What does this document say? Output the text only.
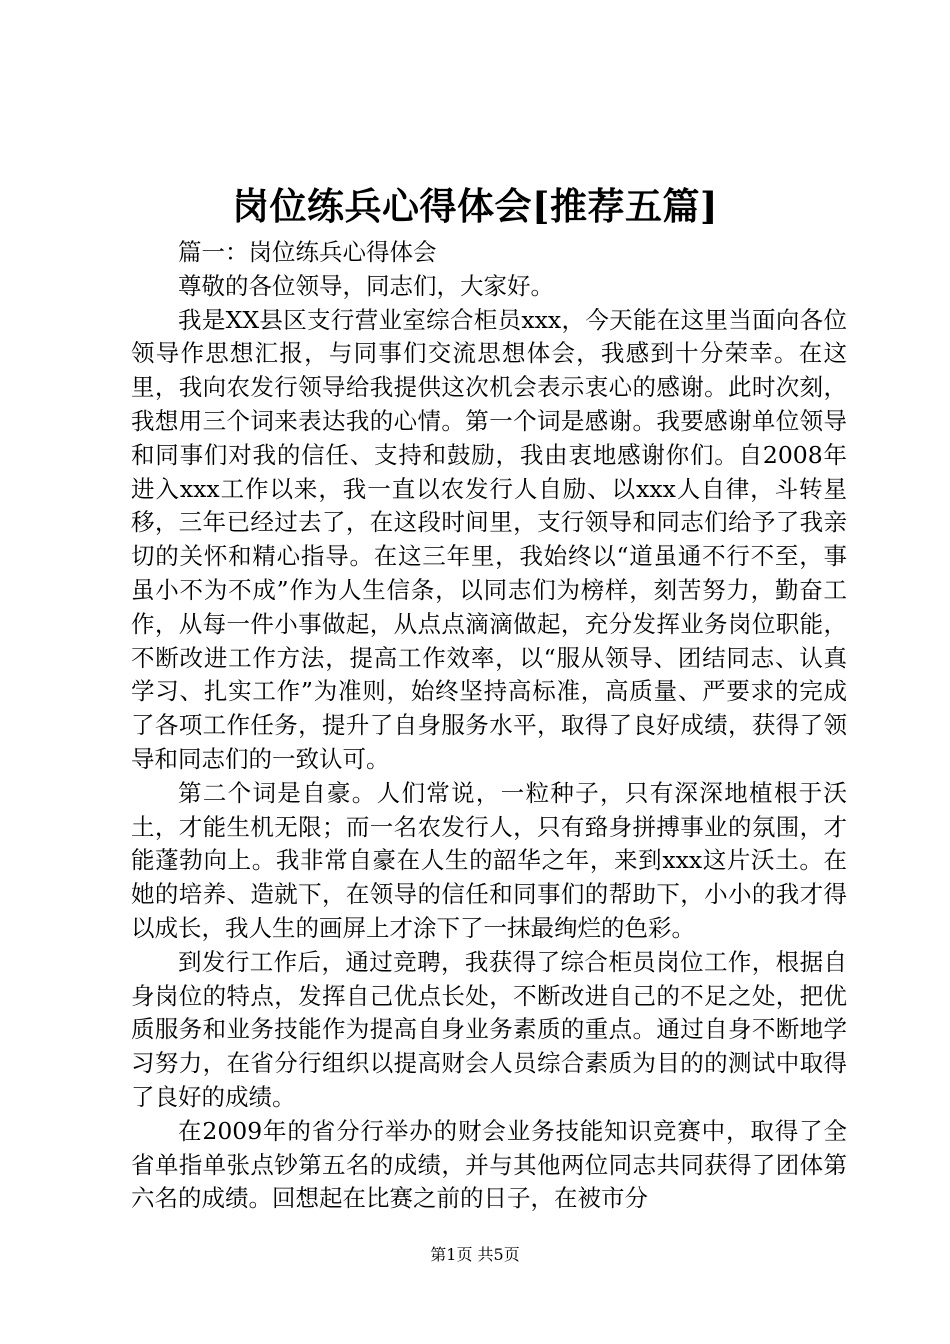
岗位练兵心得体会[推荐五篇]

篇一：岗位练兵心得体会

尊敬的各位领导，同志们，大家好。

我是XX县区支行营业室综合柜员xxx，今天能在这里当面向各位领导作思想汇报，与同事们交流思想体会，我感到十分荣幸。在这里，我向农发行领导给我提供这次机会表示衷心的感谢。此时次刻，我想用三个词来表达我的心情。第一个词是感谢。我要感谢单位领导和同事们对我的信任、支持和鼓励，我由衷地感谢你们。自2008年进入xxx工作以来，我一直以农发行人自励、以xxx人自律，斗转星移，三年已经过去了，在这段时间里，支行领导和同志们给予了我亲切的关怀和精心指导。在这三年里，我始终以“道虽通不行不至，事虽小不为不成”作为人生信条，以同志们为榜样，刻苦努力，勤奋工作，从每一件小事做起，从点点滴滴做起，充分发挥业务岗位职能，不断改进工作方法，提高工作效率，以“服从领导、团结同志、认真学习、扎实工作”为准则，始终坚持高标准，高质量、严要求的完成了各项工作任务，提升了自身服务水平，取得了良好成绩，获得了领导和同志们的一致认可。

第二个词是自豪。人们常说，一粒种子，只有深深地植根于沃土，才能生机无限；而一名农发行人，只有臵身拼搏事业的氛围，才能蓬勃向上。我非常自豪在人生的韶华之年，来到xxx这片沃土。在她的培养、造就下，在领导的信任和同事们的帮助下，小小的我才得以成长，我人生的画屏上才涂下了一抹最绚烂的色彩。

到发行工作后，通过竞聘，我获得了综合柜员岗位工作，根据自身岗位的特点，发挥自己优点长处，不断改进自己的不足之处，把优质服务和业务技能作为提高自身业务素质的重点。通过自身不断地学习努力，在省分行组织以提高财会人员综合素质为目的的测试中取得了良好的成绩。

在2009年的省分行举办的财会业务技能知识竞赛中，取得了全省单指单张点钞第五名的成绩，并与其他两位同志共同获得了团体第六名的成绩。回想起在比赛之前的日子，在被市分

第1页 共5页
